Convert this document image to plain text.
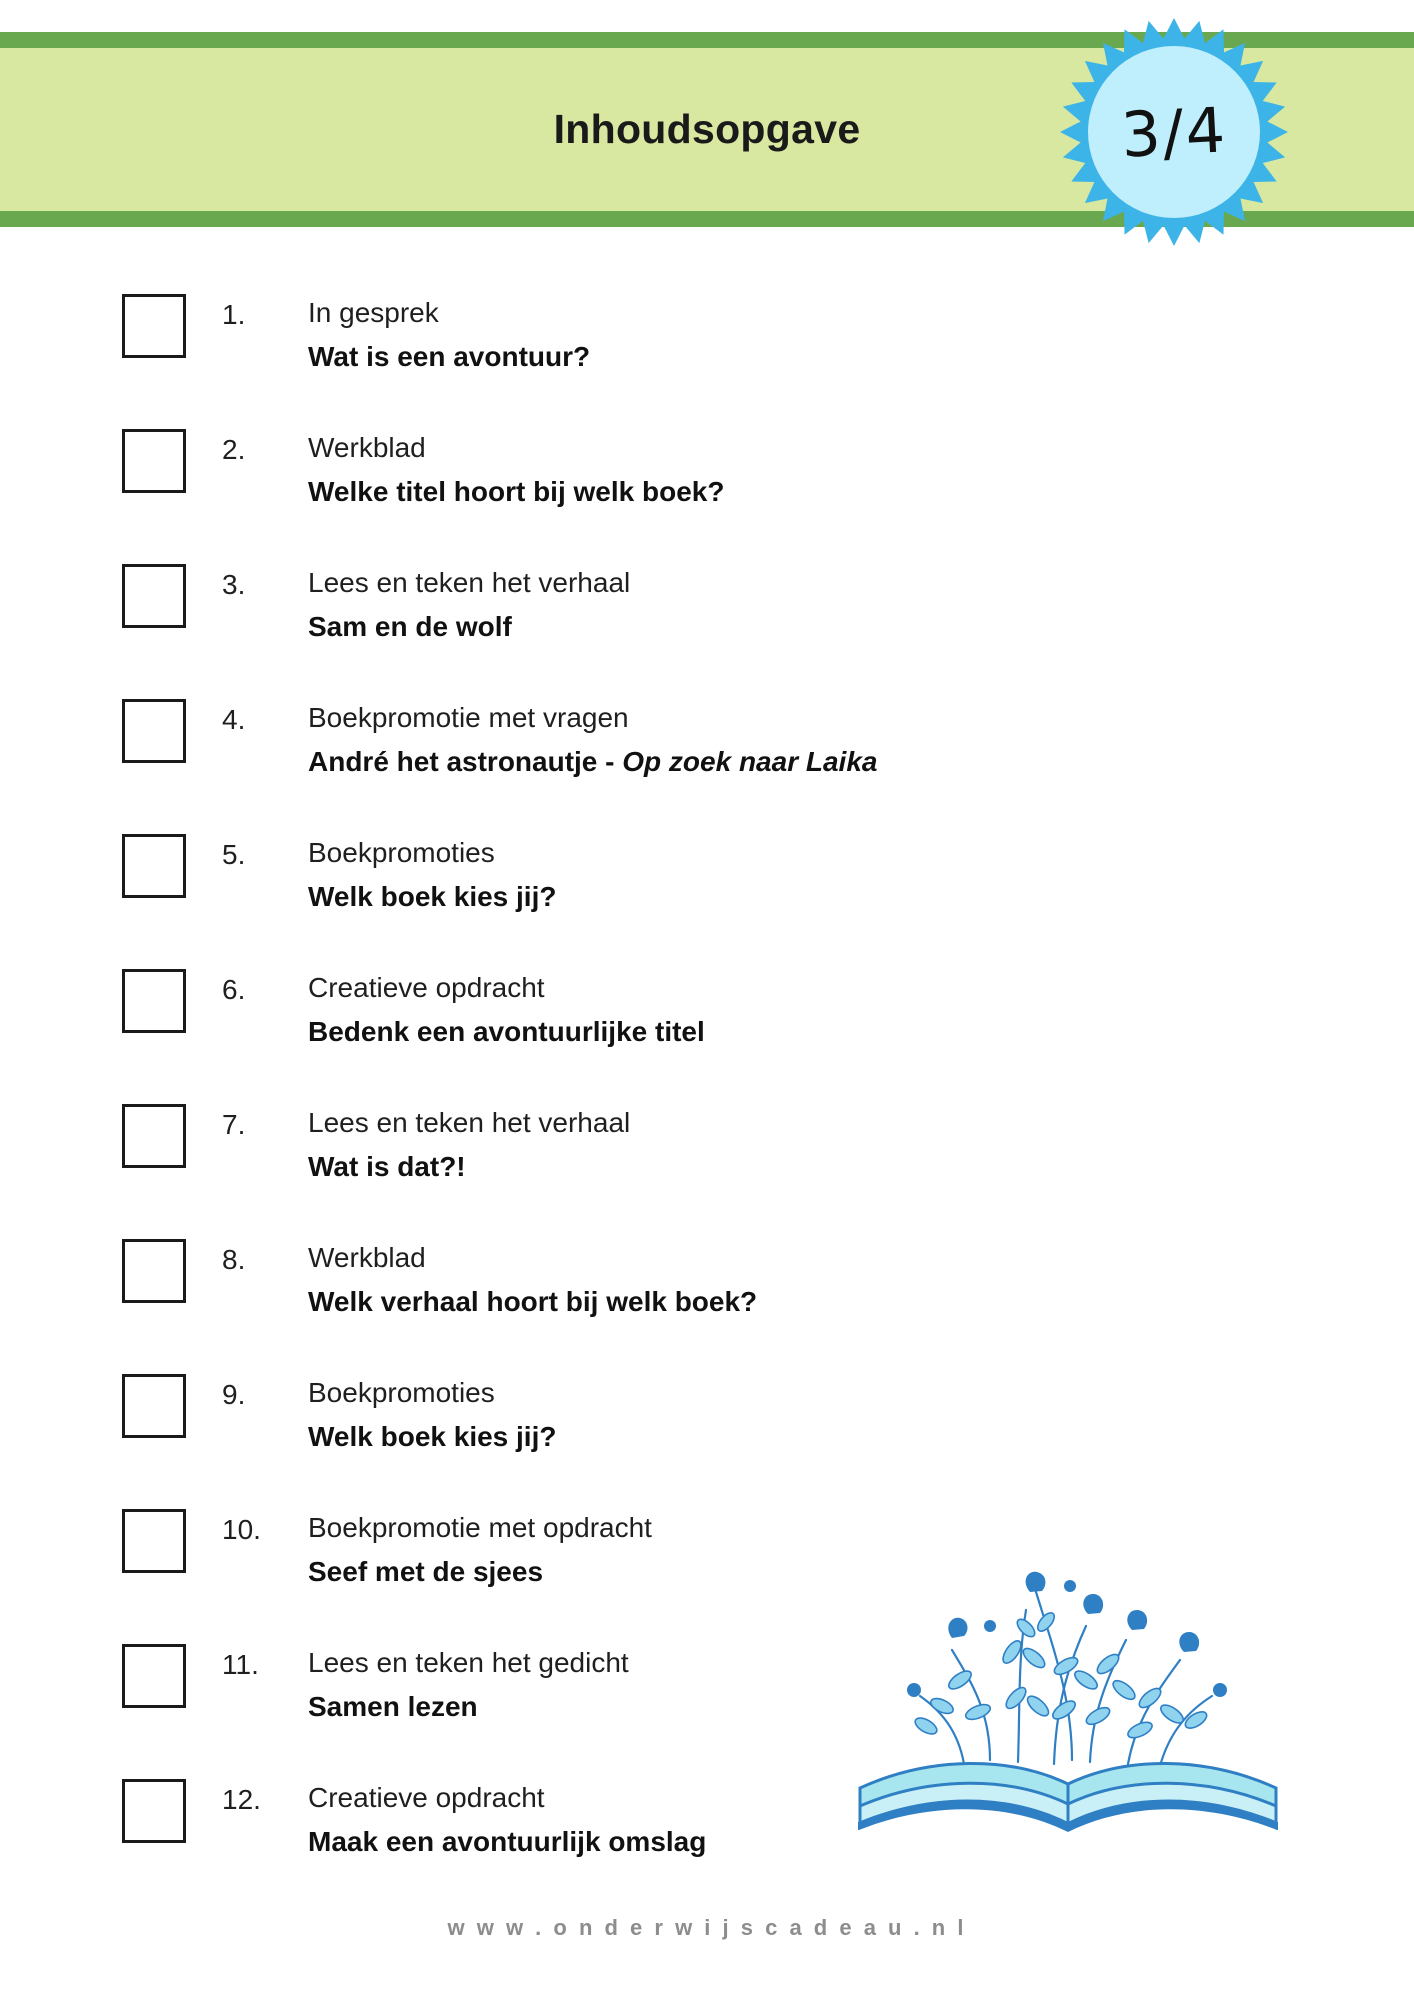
Inhoudsopgave	3/4
1.	In gesprek
Wat is een avontuur?
2.	Werkblad
Welke titel hoort bij welk boek?
3.	Lees en teken het verhaal
Sam en de wolf
4.	Boekpromotie met vragen
André het astronautje - Op zoek naar Laika
5.	Boekpromoties
Welk boek kies jij?
6.	Creatieve opdracht
Bedenk een avontuurlijke titel
7.	Lees en teken het verhaal
Wat is dat?!
8.	Werkblad
Welk verhaal hoort bij welk boek?
9.	Boekpromoties
Welk boek kies jij?
10.	Boekpromotie met opdracht
Seef met de sjees
11.	Lees en teken het gedicht
Samen lezen
12.	Creatieve opdracht
Maak een avontuurlijk omslag
w w w . o n d e r w i j s c a d e a u . n l
